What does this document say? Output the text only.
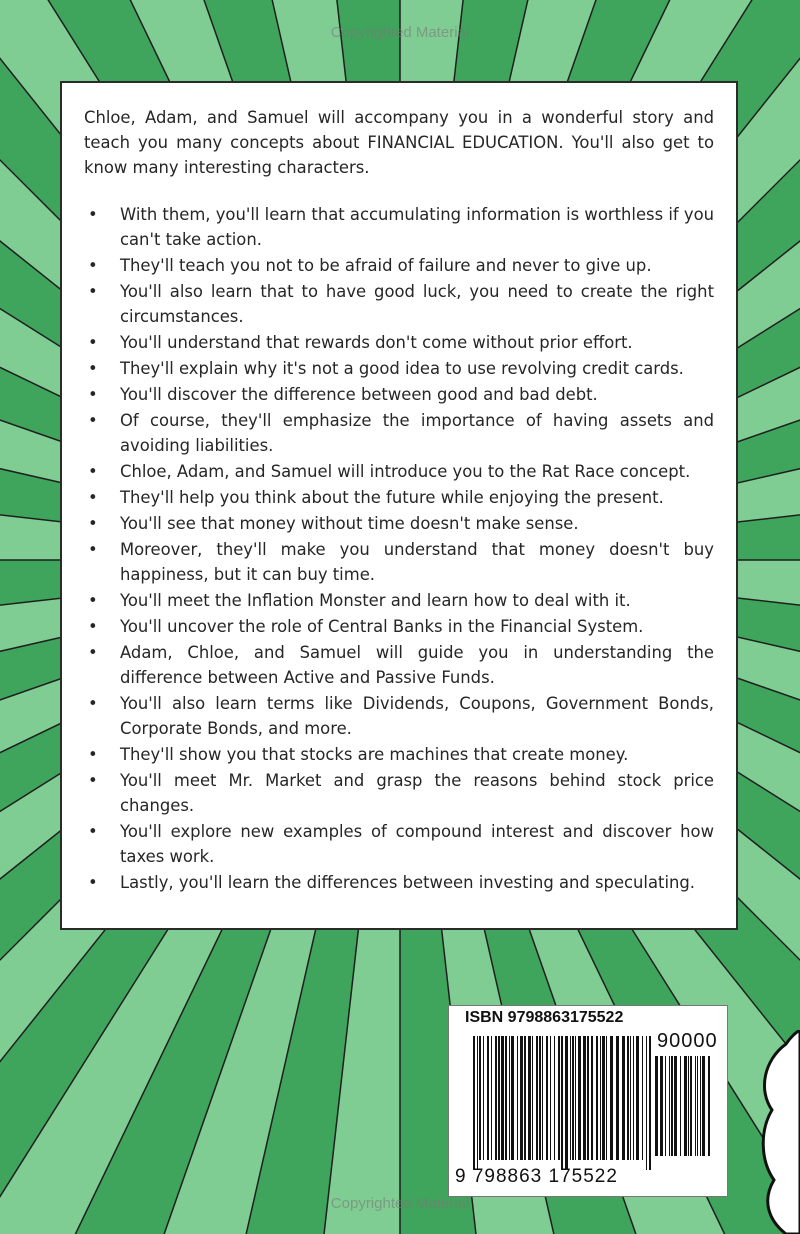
Copyrighted Material

Chloe, Adam, and Samuel will accompany you in a wonderful story and teach you many concepts about FINANCIAL EDUCATION. You'll also get to know many interesting characters.

• With them, you'll learn that accumulating information is worthless if you can't take action.
• They'll teach you not to be afraid of failure and never to give up.
• You'll also learn that to have good luck, you need to create the right circumstances.
• You'll understand that rewards don't come without prior effort.
• They'll explain why it's not a good idea to use revolving credit cards.
• You'll discover the difference between good and bad debt.
• Of course, they'll emphasize the importance of having assets and avoiding liabilities.
• Chloe, Adam, and Samuel will introduce you to the Rat Race concept.
• They'll help you think about the future while enjoying the present.
• You'll see that money without time doesn't make sense.
• Moreover, they'll make you understand that money doesn't buy happiness, but it can buy time.
• You'll meet the Inflation Monster and learn how to deal with it.
• You'll uncover the role of Central Banks in the Financial System.
• Adam, Chloe, and Samuel will guide you in understanding the difference between Active and Passive Funds.
• You'll also learn terms like Dividends, Coupons, Government Bonds, Corporate Bonds, and more.
• They'll show you that stocks are machines that create money.
• You'll meet Mr. Market and grasp the reasons behind stock price changes.
• You'll explore new examples of compound interest and discover how taxes work.
• Lastly, you'll learn the differences between investing and speculating.
ISBN 9798863175522
90000
9 798863 175522
Copyrighted Material
